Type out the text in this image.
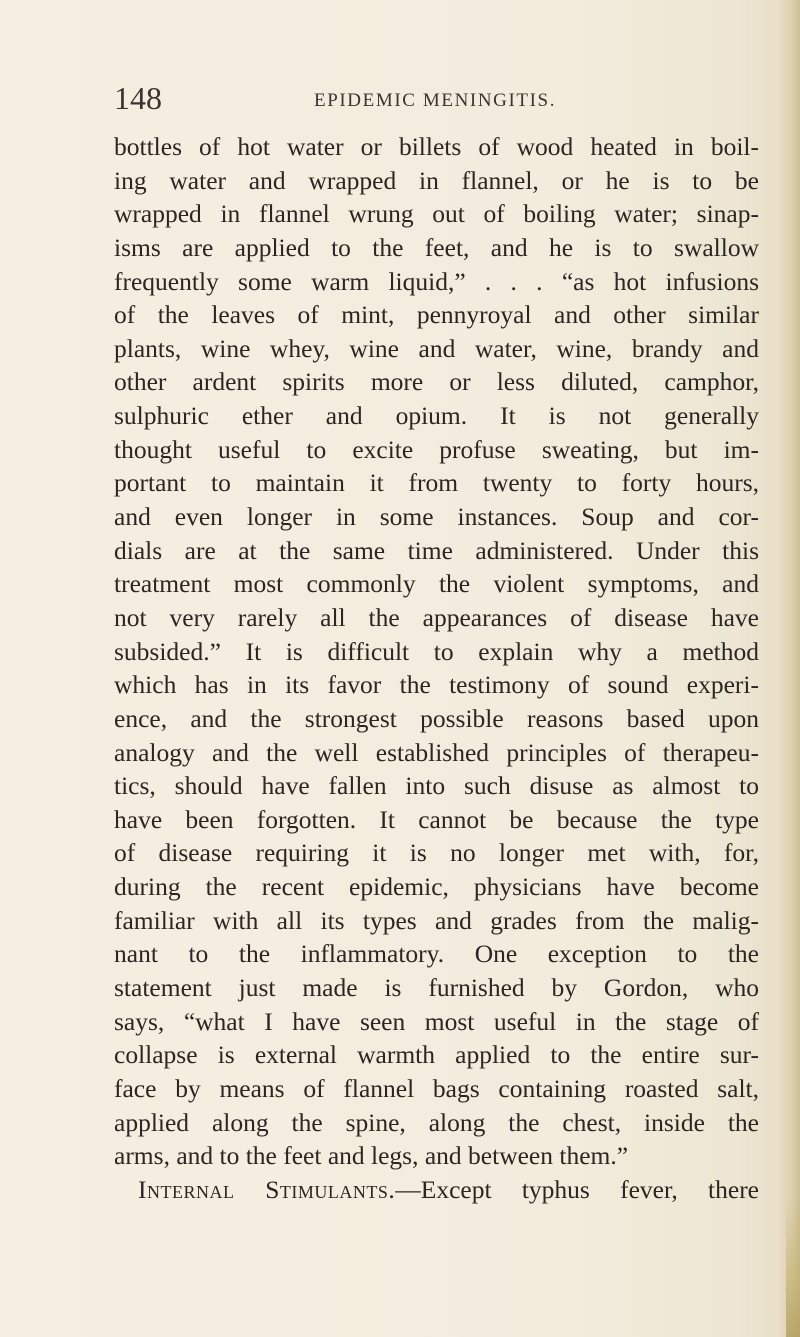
148	EPIDEMIC MENINGITIS.
bottles of hot water or billets of wood heated in boil-
ing water and wrapped in flannel, or he is to be
wrapped in flannel wrung out of boiling water; sinap-
isms are applied to the feet, and he is to swallow
frequently some warm liquid,” . . . “as hot infusions
of the leaves of mint, pennyroyal and other similar
plants, wine whey, wine and water, wine, brandy and
other ardent spirits more or less diluted, camphor,
sulphuric ether and opium. It is not generally
thought useful to excite profuse sweating, but im-
portant to maintain it from twenty to forty hours,
and even longer in some instances. Soup and cor-
dials are at the same time administered. Under this
treatment most commonly the violent symptoms, and
not very rarely all the appearances of disease have
subsided.” It is difficult to explain why a method
which has in its favor the testimony of sound experi-
ence, and the strongest possible reasons based upon
analogy and the well established principles of therapeu-
tics, should have fallen into such disuse as almost to
have been forgotten. It cannot be because the type
of disease requiring it is no longer met with, for,
during the recent epidemic, physicians have become
familiar with all its types and grades from the malig-
nant to the inflammatory. One exception to the
statement just made is furnished by Gordon, who
says, “what I have seen most useful in the stage of
collapse is external warmth applied to the entire sur-
face by means of flannel bags containing roasted salt,
applied along the spine, along the chest, inside the
arms, and to the feet and legs, and between them.”
Internal Stimulants.—Except typhus fever, there
